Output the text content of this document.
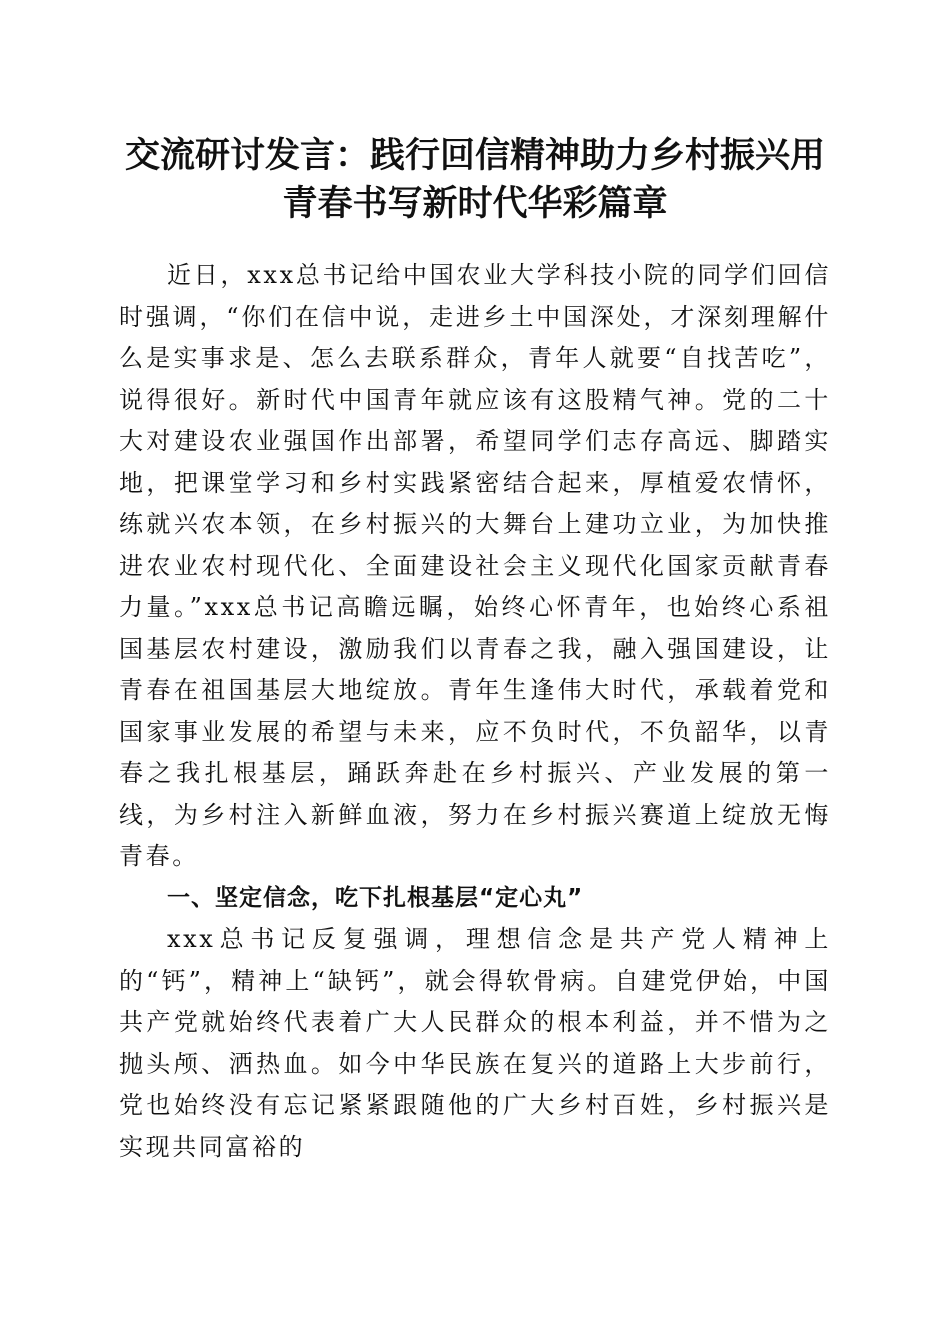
交流研讨发言：践行回信精神助力乡村振兴用
青春书写新时代华彩篇章

近日，xxx总书记给中国农业大学科技小院的同学们回信时强调，“你们在信中说，走进乡土中国深处，才深刻理解什么是实事求是、怎么去联系群众，青年人就要“自找苦吃”，说得很好。新时代中国青年就应该有这股精气神。党的二十大对建设农业强国作出部署，希望同学们志存高远、脚踏实地，把课堂学习和乡村实践紧密结合起来，厚植爱农情怀，练就兴农本领，在乡村振兴的大舞台上建功立业，为加快推进农业农村现代化、全面建设社会主义现代化国家贡献青春力量。”xxx总书记高瞻远瞩，始终心怀青年，也始终心系祖国基层农村建设，激励我们以青春之我，融入强国建设，让青春在祖国基层大地绽放。青年生逢伟大时代，承载着党和国家事业发展的希望与未来，应不负时代，不负韶华，以青春之我扎根基层，踊跃奔赴在乡村振兴、产业发展的第一线，为乡村注入新鲜血液，努力在乡村振兴赛道上绽放无悔青春。

一、坚定信念，吃下扎根基层“定心丸”

xxx总书记反复强调，理想信念是共产党人精神上的“钙”，精神上“缺钙”，就会得软骨病。自建党伊始，中国共产党就始终代表着广大人民群众的根本利益，并不惜为之抛头颅、洒热血。如今中华民族在复兴的道路上大步前行，党也始终没有忘记紧紧跟随他的广大乡村百姓，乡村振兴是实现共同富裕的
